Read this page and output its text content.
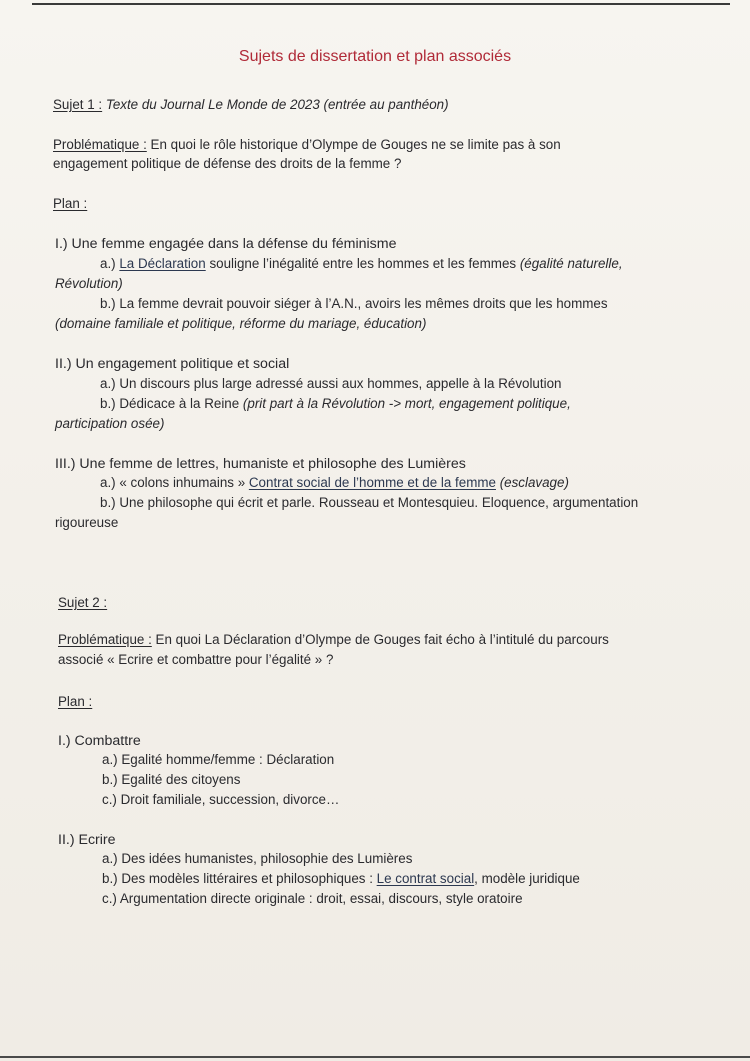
Sujets de dissertation et plan associés
Sujet 1 : Texte du Journal Le Monde de 2023 (entrée au panthéon)
Problématique : En quoi le rôle historique d’Olympe de Gouges ne se limite pas à son
engagement politique de défense des droits de la femme ?
Plan :
I.) Une femme engagée dans la défense du féminisme
a.) La Déclaration souligne l’inégalité entre les hommes et les femmes (égalité naturelle,
Révolution)
b.) La femme devrait pouvoir siéger à l’A.N., avoirs les mêmes droits que les hommes
(domaine familiale et politique, réforme du mariage, éducation)
II.) Un engagement politique et social
a.) Un discours plus large adressé aussi aux hommes, appelle à la Révolution
b.) Dédicace à la Reine (prit part à la Révolution -> mort, engagement politique,
participation osée)
III.) Une femme de lettres, humaniste et philosophe des Lumières
a.) « colons inhumains » Contrat social de l’homme et de la femme (esclavage)
b.) Une philosophe qui écrit et parle. Rousseau et Montesquieu. Eloquence, argumentation
rigoureuse
Sujet 2 :
Problématique : En quoi La Déclaration d’Olympe de Gouges fait écho à l’intitulé du parcours
associé « Ecrire et combattre pour l’égalité » ?
Plan :
I.) Combattre
a.) Egalité homme/femme : Déclaration
b.) Egalité des citoyens
c.) Droit familiale, succession, divorce…
II.) Ecrire
a.) Des idées humanistes, philosophie des Lumières
b.) Des modèles littéraires et philosophiques : Le contrat social, modèle juridique
c.) Argumentation directe originale : droit, essai, discours, style oratoire
